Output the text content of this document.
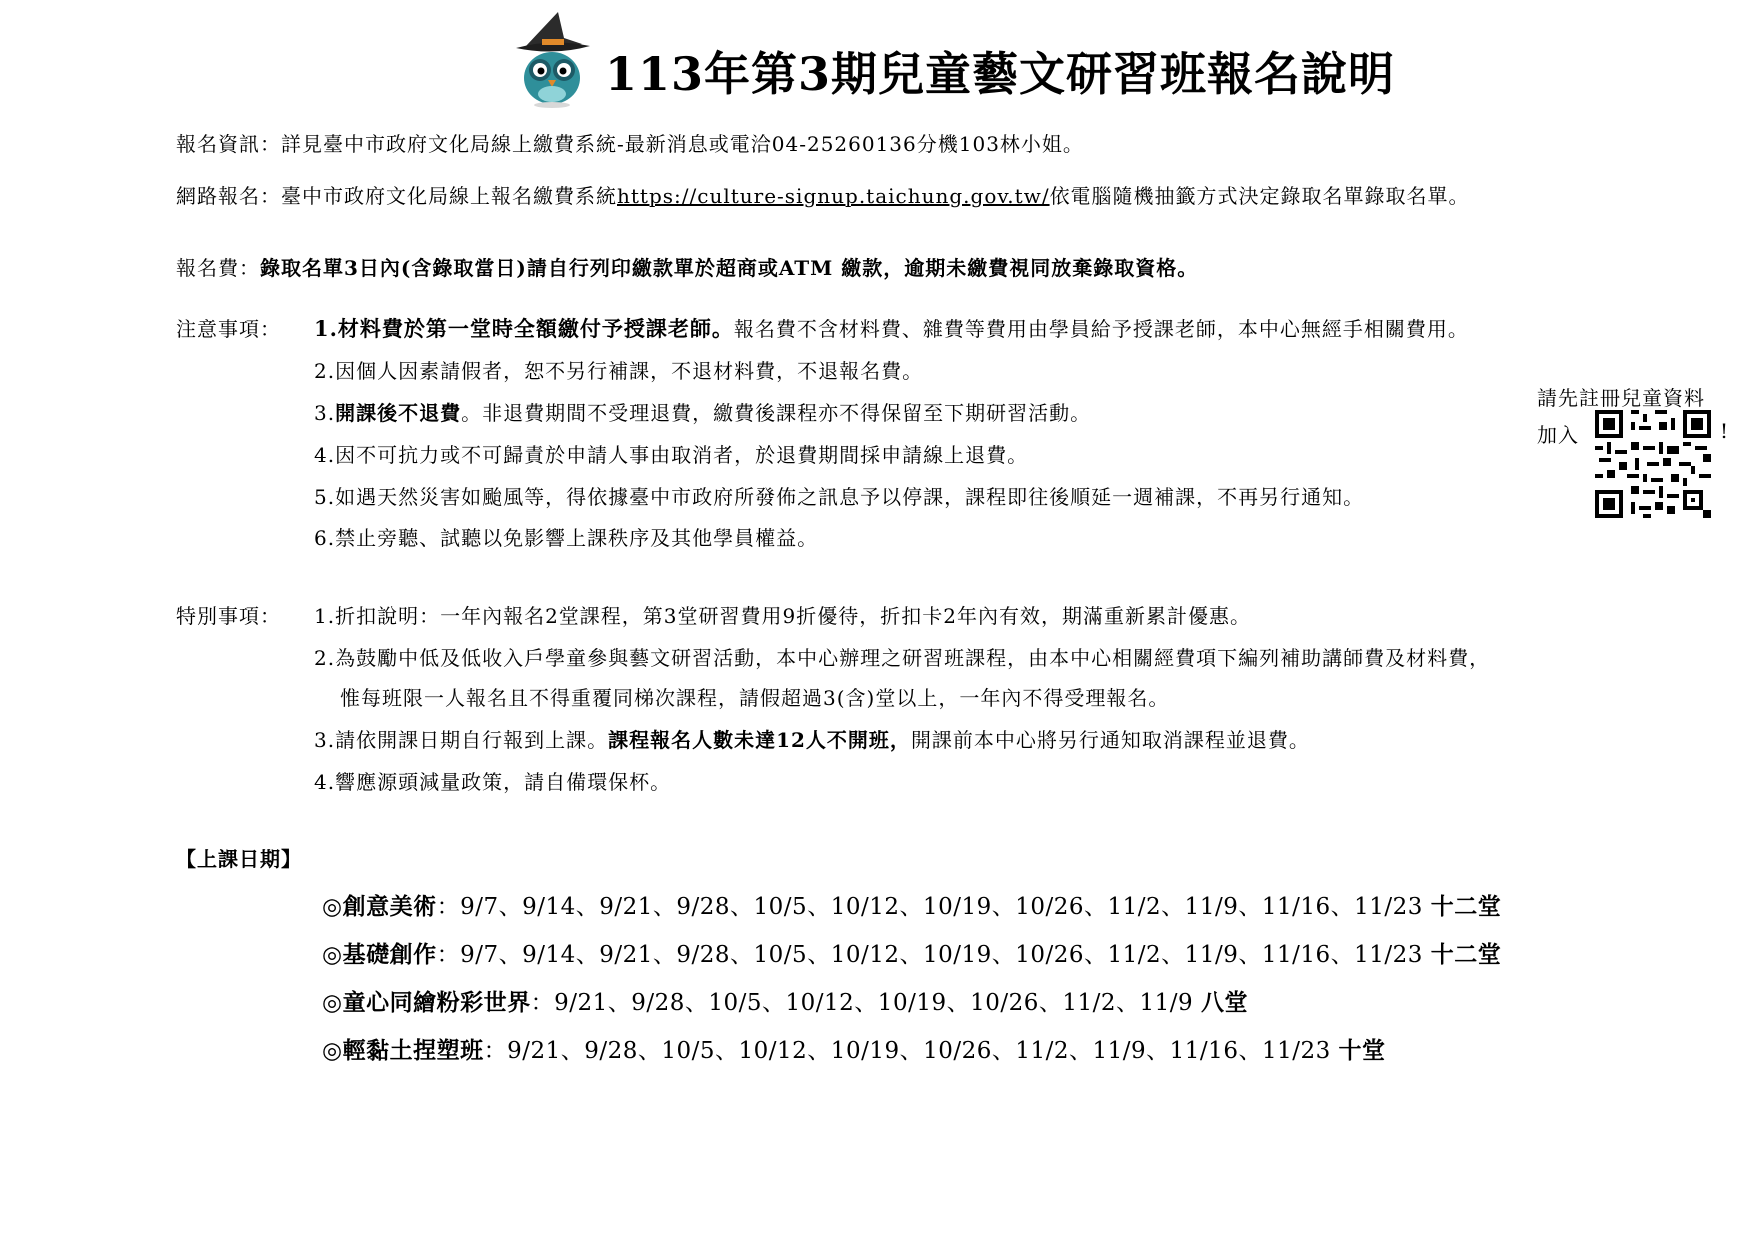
113年第3期兒童藝文研習班報名說明
報名資訊：詳見臺中市政府文化局線上繳費系統-最新消息或電洽04-25260136分機103林小姐。
網路報名：臺中市政府文化局線上報名繳費系統https://culture-signup.taichung.gov.tw/依電腦隨機抽籤方式決定錄取名單錄取名單。
報名費：錄取名單3日內(含錄取當日)請自行列印繳款單於超商或ATM 繳款，逾期未繳費視同放棄錄取資格。
注意事項： 1.材料費於第一堂時全額繳付予授課老師。報名費不含材料費、雜費等費用由學員給予授課老師，本中心無經手相關費用。
2.因個人因素請假者，恕不另行補課，不退材料費，不退報名費。
3.開課後不退費。非退費期間不受理退費，繳費後課程亦不得保留至下期研習活動。
4.因不可抗力或不可歸責於申請人事由取消者，於退費期間採申請線上退費。
5.如遇天然災害如颱風等，得依據臺中市政府所發佈之訊息予以停課，課程即往後順延一週補課，不再另行通知。
6.禁止旁聽、試聽以免影響上課秩序及其他學員權益。
請先註冊兒童資料
加入	!
特別事項： 1.折扣說明：一年內報名2堂課程，第3堂研習費用9折優待，折扣卡2年內有效，期滿重新累計優惠。
2.為鼓勵中低及低收入戶學童參與藝文研習活動，本中心辦理之研習班課程，由本中心相關經費項下編列補助講師費及材料費，
惟每班限一人報名且不得重覆同梯次課程，請假超過3(含)堂以上，一年內不得受理報名。
3.請依開課日期自行報到上課。課程報名人數未達12人不開班，開課前本中心將另行通知取消課程並退費。
4.響應源頭減量政策，請自備環保杯。
【上課日期】
◎創意美術：9/7、9/14、9/21、9/28、10/5、10/12、10/19、10/26、11/2、11/9、11/16、11/23 十二堂
◎基礎創作：9/7、9/14、9/21、9/28、10/5、10/12、10/19、10/26、11/2、11/9、11/16、11/23 十二堂
◎童心同繪粉彩世界：9/21、9/28、10/5、10/12、10/19、10/26、11/2、11/9 八堂
◎輕黏土捏塑班：9/21、9/28、10/5、10/12、10/19、10/26、11/2、11/9、11/16、11/23 十堂
